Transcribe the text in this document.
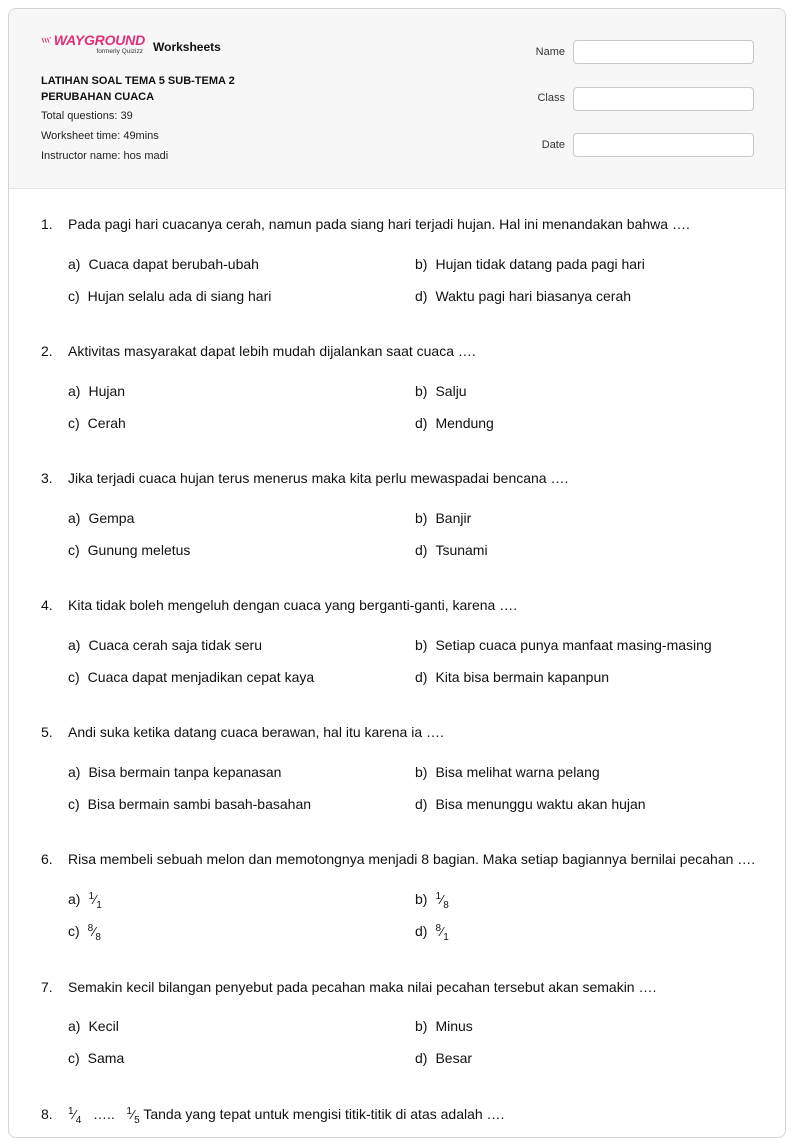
WAYGROUND
formerly Quizizz Worksheets
LATIHAN SOAL TEMA 5 SUB-TEMA 2
PERUBAHAN CUACA
Total questions: 39
Worksheet time: 49mins
Instructor name: hos madi
Name
Class
Date
1. Pada pagi hari cuacanya cerah, namun pada siang hari terjadi hujan. Hal ini menandakan bahwa ….
a) Cuaca dapat berubah-ubah	b) Hujan tidak datang pada pagi hari
c) Hujan selalu ada di siang hari	d) Waktu pagi hari biasanya cerah
2. Aktivitas masyarakat dapat lebih mudah dijalankan saat cuaca ….
a) Hujan	b) Salju
c) Cerah	d) Mendung
3. Jika terjadi cuaca hujan terus menerus maka kita perlu mewaspadai bencana ….
a) Gempa	b) Banjir
c) Gunung meletus	d) Tsunami
4. Kita tidak boleh mengeluh dengan cuaca yang berganti-ganti, karena ….
a) Cuaca cerah saja tidak seru	b) Setiap cuaca punya manfaat masing-masing
c) Cuaca dapat menjadikan cepat kaya	d) Kita bisa bermain kapanpun
5. Andi suka ketika datang cuaca berawan, hal itu karena ia ….
a) Bisa bermain tanpa kepanasan	b) Bisa melihat warna pelang
c) Bisa bermain sambi basah-basahan	d) Bisa menunggu waktu akan hujan
6. Risa membeli sebuah melon dan memotongnya menjadi 8 bagian. Maka setiap bagiannya bernilai pecahan ….
a) $^1⁄_1$	b) $^1⁄_8$
c) $^8⁄_8$	d) $^8⁄_1$
7. Semakin kecil bilangan penyebut pada pecahan maka nilai pecahan tersebut akan semakin ….
a) Kecil	b) Minus
c) Sama	d) Besar
8. $^1⁄_4$ ….. $^1⁄_5$ Tanda yang tepat untuk mengisi titik-titik di atas adalah ….
